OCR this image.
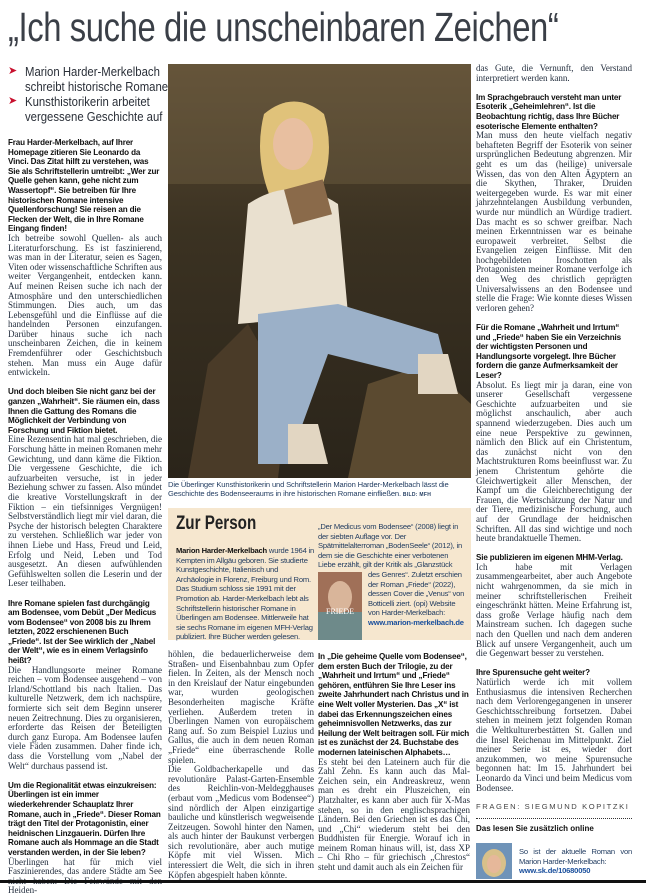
„Ich suche die unscheinbaren Zeichen“
➤ Marion Harder-Merkelbach
schreibt historische Romane
➤ Kunsthistorikerin arbeitet
vergessene Geschichte auf

Frau Harder-Merkelbach, auf Ihrer Homepage zitieren Sie Leonardo da Vinci. Das Zitat hilft zu verstehen, was Sie als Schriftstellerin umtreibt: „Wer zur Quelle gehen kann, gehe nicht zum Wassertopf“. Sie betreiben für Ihre historischen Romane intensive Quellenforschung! Sie reisen an die Flecken der Welt, die in Ihre Romane Eingang finden!

Ich betreibe sowohl Quellen- als auch Literaturforschung. Es ist faszinierend, was man in der Literatur, seien es Sagen, Viten oder wissenschaftliche Schriften aus weiter Vergangenheit, entdecken kann. Auf meinen Reisen suche ich nach der Atmosphäre und den unterschiedlichen Stimmungen. Dies auch, um das Lebensgefühl und die Einflüsse auf die handelnden Personen einzufangen. Darüber hinaus suche ich nach unscheinbaren Zeichen, die in keinem Fremdenführer oder Geschichtsbuch stehen. Man muss ein Auge dafür entwickeln.

Und doch bleiben Sie nicht ganz bei der ganzen „Wahrheit“. Sie räumen ein, dass Ihnen die Gattung des Romans die Möglichkeit der Verbindung von Forschung und Fiktion bietet.

Eine Rezensentin hat mal geschrieben, die Forschung hätte in meinen Romanen mehr Gewichtung, und dann käme die Fiktion. Die vergessene Geschichte, die ich aufzuarbeiten versuche, ist in jeder Beziehung schwer zu fassen. Also mündet die kreative Vorstellungskraft in der Fiktion – ein tiefsinniges Vergnügen! Selbstverständlich liegt mir viel daran, die Psyche der historisch belegten Charaktere zu verstehen. Schließlich war jeder von ihnen Liebe und Hass, Freud und Leid, Erfolg und Neid, Leben und Tod ausgesetzt. An diesen aufwühlenden Gefühlswelten sollen die Leserin und der Leser teilhaben.

Ihre Romane spielen fast durchgängig am Bodensee, vom Debüt „Der Medicus vom Bodensee“ von 2008 bis zu Ihrem letzten, 2022 erschienenen Buch „Friede“. Ist der See wirklich der „Nabel der Welt“, wie es in einem Verlagsinfo heißt?

Die Handlungsorte meiner Romane reichen – vom Bodensee ausgehend – von Irland/Schottland bis nach Italien. Das kulturelle Netzwerk, dem ich nachspüre, formierte sich seit dem Beginn unserer neuen Zeitrechnung. Dies zu organisieren, erforderte das Reisen der Beteiligten durch ganz Europa. Am Bodensee laufen viele Fäden zusammen. Daher finde ich, dass die Vorstellung vom „Nabel der Welt“ durchaus passend ist.

Um die Regionalität etwas einzukreisen: Überlingen ist ein immer wiederkehrender Schauplatz Ihrer Romane, auch in „Friede“. Dieser Roman trägt den Titel der Protagonistin, einer heidnischen Linzgauerin. Dürfen Ihre Romane auch als Hommage an die Stadt verstanden werden, in der Sie leben?

Überlingen hat für mich viel Faszinierendes, das andere Städte am See Heiden-

Die Überlinger Kunsthistorikerin und Schriftstellerin Marion Harder-Merkelbach lässt die Geschichte des Bodenseeraums in ihre historischen Romane einfließen. BILD: MFH
Zur Person
Marion Harder-Merkelbach wurde 1964 in Kempten im Allgäu geboren. Sie studierte Kunstgeschichte, Italienisch und Archäologie in Florenz, Freiburg und Rom. Das Studium schloss sie 1991 mit der Promotion ab. Harder-Merkelbach lebt als Schriftstellerin historischer Romane in Überlingen am Bodensee. Mittlerweile hat sie sechs Romane im eigenen MFH-Verlag publiziert. Ihre Bücher werden gelesen.
„Der Medicus vom Bodensee“ (2008) liegt in der siebten Auflage vor. Der Spätmittelalterroman „BodenSeele“ (2012), in dem sie die Geschichte einer verbotenen Liebe erzählt, gilt der Kritik als „Glanzstück
FRIEDE
des Genres“. Zuletzt erschien der Roman „Friede“ (2022), dessen Cover die „Venus“ von Botticelli ziert. (opi) Website von Harder-Merkelbach: www.marion-merkelbach.de

höhlen, die bedauerlicherweise dem Straßen- und Eisenbahnbau zum Opfer fielen. In Zeiten, als der Mensch noch in den Kreislauf der Natur eingebunden war, wurden geologischen Besonderheiten magische Kräfte verliehen. Außerdem treten in Überlingen Namen von europäischem Rang auf. So zum Beispiel Luzius und Gallus, die auch in dem neuen Roman „Friede“ eine überraschende Rolle spielen.

Die Goldbacherkapelle und das revolutionäre Palast-Garten-Ensemble des Reichlin-von-Meldegghauses (erbaut vom „Medicus vom Bodensee“) sind nördlich der Alpen einzigartige bauliche und künstlerisch wegweisende Zeitzeugen. Sowohl hinter den Namen, als auch hinter der Baukunst verbergen sich revolutionäre, aber auch mutige Köpfe mit viel Wissen. Mich interessiert die Welt, die sich in ihren Köpfen abgespielt haben könnte.

In „Die geheime Quelle vom Bodensee“, dem ersten Buch der Trilogie, zu der „Wahrheit und Irrtum“ und „Friede“ gehören, entführen Sie Ihre Leser ins zweite Jahrhundert nach Christus und in eine Welt voller Mysterien. Das „X“ ist dabei das Erkennungszeichen eines geheimnisvollen Netzwerks, das zur Heilung der Welt beitragen soll. Für mich ist es zunächst der 24. Buchstabe des modernen lateinischen Alphabets…

Es steht bei den Lateinern auch für die Zahl Zehn. Es kann auch das Mal-Zeichen sein, ein Andreaskreuz, wenn man es dreht ein Pluszeichen, ein Platzhalter, es kann aber auch für X-Mas stehen, so in den englischsprachigen Ländern. Bei den Griechen ist es das Chi, und „Chi“ wiederum steht bei den Buddhisten für Energie. Worauf ich in meinem Roman hinaus will, ist, dass XP – Chi Rho – für griechisch „Chrestos“ steht und damit auch als ein Zeichen für

das Gute, die Vernunft, den Verstand interpretiert werden kann.

Im Sprachgebrauch versteht man unter Esoterik „Geheimlehren“. Ist die Beobachtung richtig, dass Ihre Bücher esoterische Elemente enthalten?

Man muss den heute vielfach negativ behafteten Begriff der Esoterik von seiner ursprünglichen Bedeutung abgrenzen. Mir geht es um das (heilige) universale Wissen, das von den Alten Ägyptern an die Skythen, Thraker, Druiden weitergegeben wurde. Es war mit einer jahrzehntelangen Ausbildung verbunden, wurde nur mündlich an Würdige tradiert. Das macht es so schwer greifbar. Nach meinen Erkenntnissen war es beinahe europaweit verbreitet. Selbst die Evangelien zeigen Einflüsse. Mit den hochgebildeten Iroschotten als Protagonisten meiner Romane verfolge ich den Weg des christlich geprägten Universalwissens an den Bodensee und stelle die Frage: Wie konnte dieses Wissen verloren gehen?

Für die Romane „Wahrheit und Irrtum“ und „Friede“ haben Sie ein Verzeichnis der wichtigsten Personen und Handlungsorte vorgelegt. Ihre Bücher fordern die ganze Aufmerksamkeit der Leser?

Absolut. Es liegt mir ja daran, eine von unserer Gesellschaft vergessene Geschichte aufzuarbeiten und sie möglichst anschaulich, aber auch spannend wiederzugeben. Dies auch um eine neue Perspektive zu gewinnen, nämlich den Blick auf ein Christentum, das zunächst nicht von den Machtstrukturen Roms beeinflusst war. Zu jenem Christentum gehörte die Gleichwertigkeit aller Menschen, der Kampf um die Gleichberechtigung der Frauen, die Wertschätzung der Natur und der Tiere, medizinische Forschung, auch auf der Grundlage der heidnischen Schriften. All das sind wichtige und noch heute brandaktuelle Themen.

Sie publizieren im eigenen MHM-Verlag.

Ich habe mit Verlagen zusammengearbeitet, aber auch Angebote nicht wahrgenommen, da sie mich in meiner schriftstellerischen Freiheit eingeschränkt hätten. Meine Erfahrung ist, dass große Verlage häufig nach dem Mainstream suchen. Ich dagegen suche nach den Quellen und nach dem anderen Blick auf unsere Vergangenheit, auch um die Gegenwart besser zu verstehen.

Ihre Spurensuche geht weiter?

Natürlich werde ich mit vollem Enthusiasmus die intensiven Recherchen nach dem Verlorengegangenen in unserer Geschichtsschreibung fortsetzen. Dabei stehen in meinem jetzt folgenden Roman die Weltkulturerbestätten St. Gallen und die Insel Reichenau im Mittelpunkt. Ziel meiner Serie ist es, wieder dort anzukommen, wo meine Spurensuche begonnen hat: Im 15. Jahrhundert bei Leonardo da Vinci und beim Medicus vom Bodensee.

FRAGEN: SIEGMUND KOPITZKI
Das lesen Sie zusätzlich online
So ist der aktuelle Roman von Marion Harder-Merkelbach:
www.sk.de/10680050
